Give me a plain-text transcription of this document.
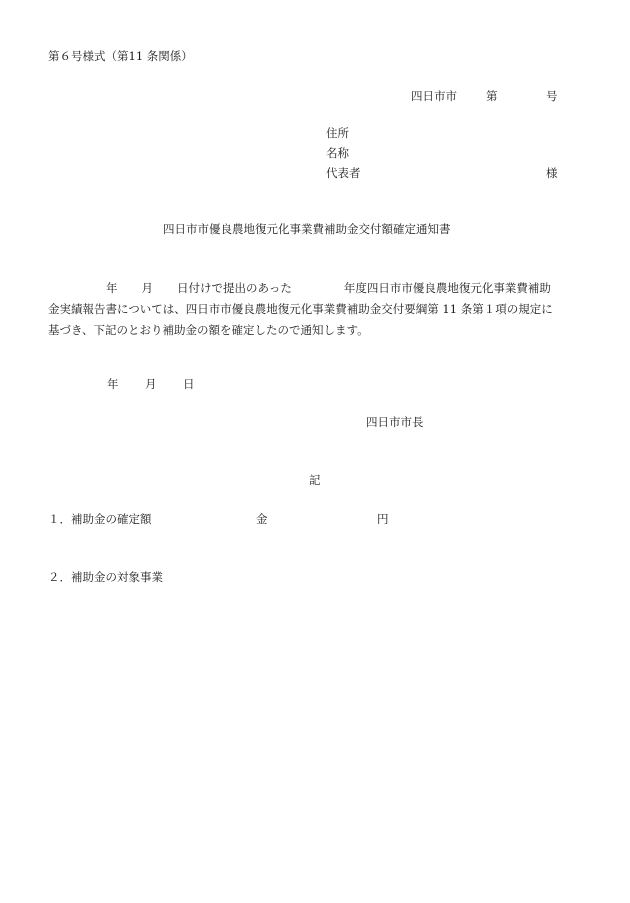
第６号様式（第11 条関係）
四日市市	第	号
住所
名称
代表者	様
四日市市優良農地復元化事業費補助金交付額確定通知書
年 月 日付けで提出のあった	年度四日市市優良農地復元化事業費補助
金実績報告書については、四日市市優良農地復元化事業費補助金交付要綱第 11 条第１項の規定に
基づき、下記のとおり補助金の額を確定したので通知します。
年 月 日
四日市市長
記
１．補助金の確定額	金	円
２．補助金の対象事業
